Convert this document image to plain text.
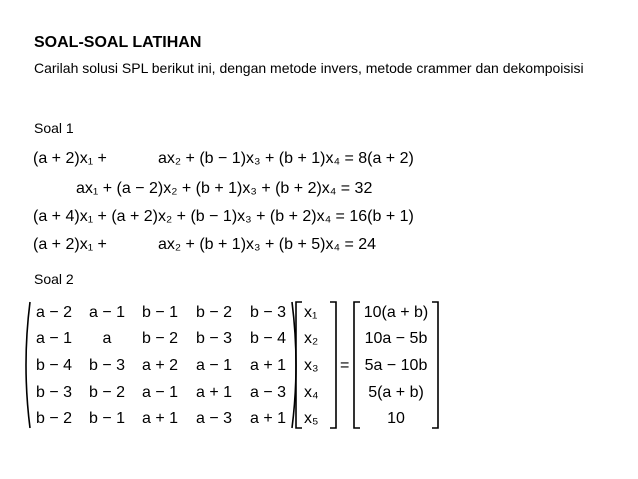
SOAL-SOAL LATIHAN
Carilah solusi SPL berikut ini, dengan metode invers, metode crammer dan dekompoisisi
Soal 1
(a + 2)x₁ +	ax₂ + (b − 1)x₃ + (b + 1)x₄ = 8(a + 2)
ax₁ + (a − 2)x₂ + (b + 1)x₃ + (b + 2)x₄ = 32
(a + 4)x₁ + (a + 2)x₂ + (b − 1)x₃ + (b + 2)x₄ = 16(b + 1)
(a + 2)x₁ +	ax₂ + (b + 1)x₃ + (b + 5)x₄ = 24
Soal 2
a − 2	a − 1	b − 1	b − 2	b − 3
a − 1	a	b − 2	b − 3	b − 4
b − 4	b − 3	a + 2	a − 1	a + 1
b − 3	b − 2	a − 1	a + 1	a − 3
b − 2	b − 1	a + 1	a − 3	a + 1
x₁
x₂
x₃
x₄
x₅
=
10(a + b)
10a − 5b
5a − 10b
5(a + b)
10
